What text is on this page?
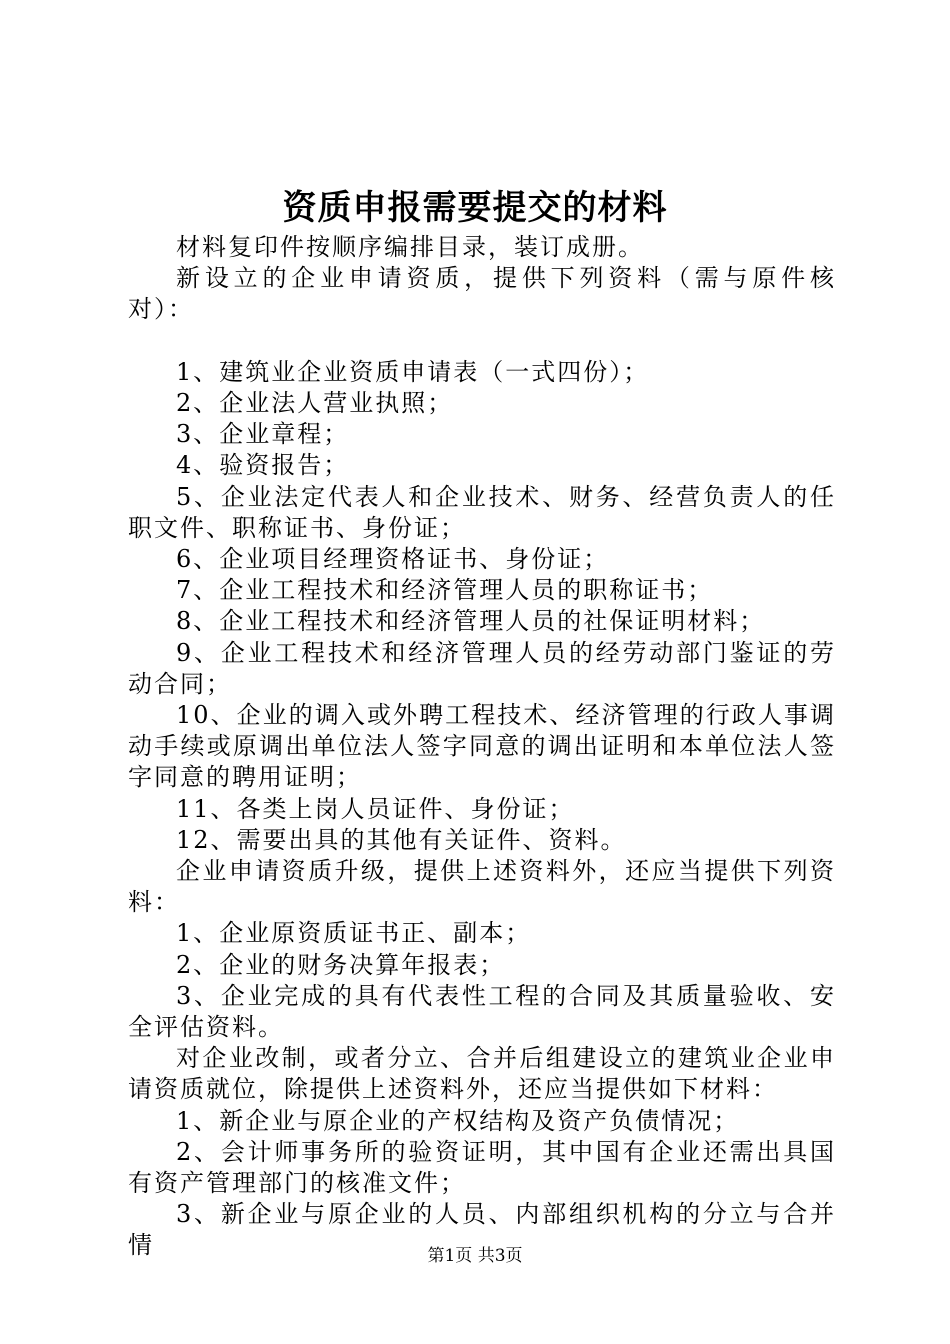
资质申报需要提交的材料

材料复印件按顺序编排目录，装订成册。

新设立的企业申请资质，提供下列资料（需与原件核对）：

1、建筑业企业资质申请表（一式四份）；

2、企业法人营业执照；

3、企业章程；

4、验资报告；

5、企业法定代表人和企业技术、财务、经营负责人的任职文件、职称证书、身份证；

6、企业项目经理资格证书、身份证；

7、企业工程技术和经济管理人员的职称证书；

8、企业工程技术和经济管理人员的社保证明材料；

9、企业工程技术和经济管理人员的经劳动部门鉴证的劳动合同；

10、企业的调入或外聘工程技术、经济管理的行政人事调动手续或原调出单位法人签字同意的调出证明和本单位法人签字同意的聘用证明；

11、各类上岗人员证件、身份证；

12、需要出具的其他有关证件、资料。

企业申请资质升级，提供上述资料外，还应当提供下列资料：

1、企业原资质证书正、副本；

2、企业的财务决算年报表；

3、企业完成的具有代表性工程的合同及其质量验收、安全评估资料。

对企业改制，或者分立、合并后组建设立的建筑业企业申请资质就位，除提供上述资料外，还应当提供如下材料：

1、新企业与原企业的产权结构及资产负债情况；

2、会计师事务所的验资证明，其中国有企业还需出具国有资产管理部门的核准文件；

3、新企业与原企业的人员、内部组织机构的分立与合并情	第1页 共3页
